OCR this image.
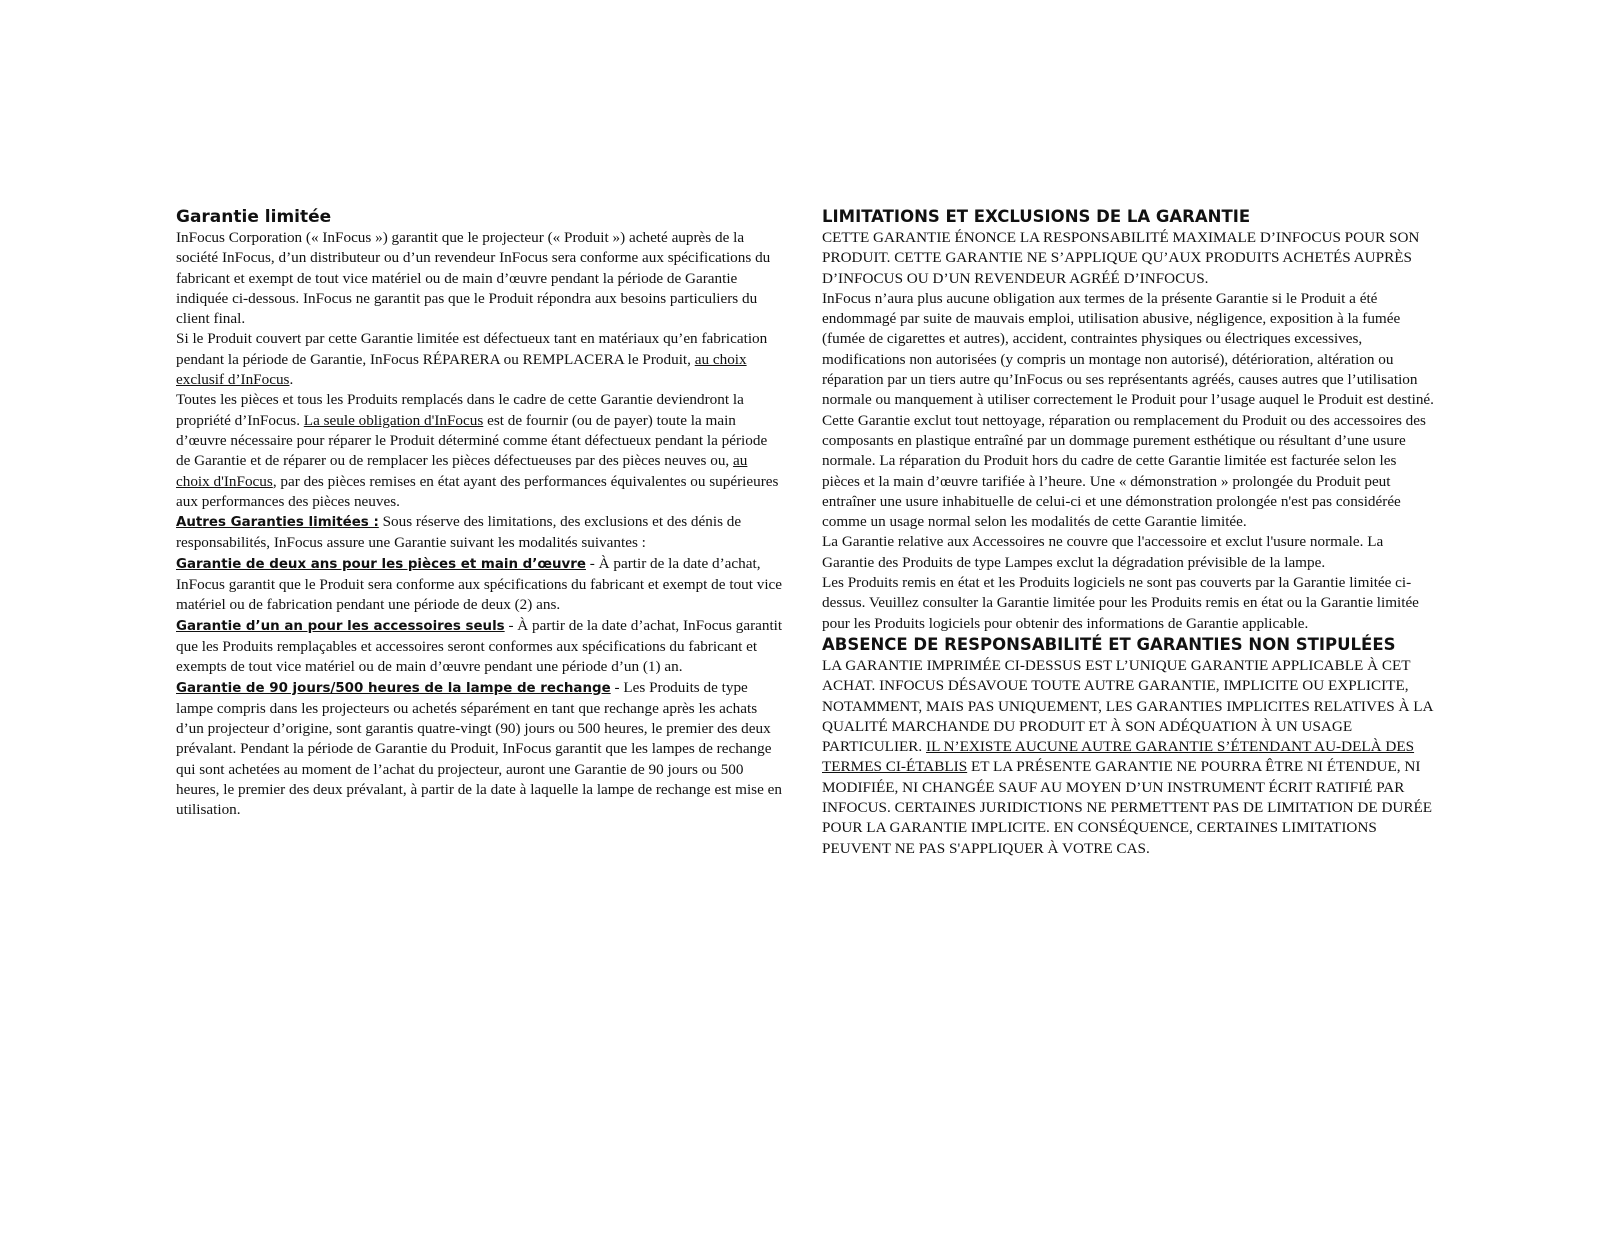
Garantie limitée

InFocus Corporation (« InFocus ») garantit que le projecteur (« Produit ») acheté auprès de la société InFocus, d’un distributeur ou d’un revendeur InFocus sera conforme aux spécifications du fabricant et exempt de tout vice matériel ou de main d’œuvre pendant la période de Garantie indiquée ci-dessous. InFocus ne garantit pas que le Produit répondra aux besoins particuliers du client final.

Si le Produit couvert par cette Garantie limitée est défectueux tant en matériaux qu’en fabrication pendant la période de Garantie, InFocus RÉPARERA ou REMPLACERA le Produit, au choix exclusif d’InFocus.

Toutes les pièces et tous les Produits remplacés dans le cadre de cette Garantie deviendront la propriété d’InFocus. La seule obligation d'InFocus est de fournir (ou de payer) toute la main d’œuvre nécessaire pour réparer le Produit déterminé comme étant défectueux pendant la période de Garantie et de réparer ou de remplacer les pièces défectueuses par des pièces neuves ou, au choix d'InFocus, par des pièces remises en état ayant des performances équivalentes ou supérieures aux performances des pièces neuves.

Autres Garanties limitées : Sous réserve des limitations, des exclusions et des dénis de responsabilités, InFocus assure une Garantie suivant les modalités suivantes :

Garantie de deux ans pour les pièces et main d’œuvre - À partir de la date d’achat, InFocus garantit que le Produit sera conforme aux spécifications du fabricant et exempt de tout vice matériel ou de fabrication pendant une période de deux (2) ans.

Garantie d’un an pour les accessoires seuls - À partir de la date d’achat, InFocus garantit que les Produits remplaçables et accessoires seront conformes aux spécifications du fabricant et exempts de tout vice matériel ou de main d’œuvre pendant une période d’un (1) an.

Garantie de 90 jours/500 heures de la lampe de rechange - Les Produits de type lampe compris dans les projecteurs ou achetés séparément en tant que rechange après les achats d’un projecteur d’origine, sont garantis quatre-vingt (90) jours ou 500 heures, le premier des deux prévalant. Pendant la période de Garantie du Produit, InFocus garantit que les lampes de rechange qui sont achetées au moment de l’achat du projecteur, auront une Garantie de 90 jours ou 500 heures, le premier des deux prévalant, à partir de la date à laquelle la lampe de rechange est mise en utilisation.

LIMITATIONS ET EXCLUSIONS DE LA GARANTIE

CETTE GARANTIE ÉNONCE LA RESPONSABILITÉ MAXIMALE D’INFOCUS POUR SON PRODUIT. CETTE GARANTIE NE S’APPLIQUE QU’AUX PRODUITS ACHETÉS AUPRÈS D’INFOCUS OU D’UN REVENDEUR AGRÉÉ D’INFOCUS.

InFocus n’aura plus aucune obligation aux termes de la présente Garantie si le Produit a été endommagé par suite de mauvais emploi, utilisation abusive, négligence, exposition à la fumée (fumée de cigarettes et autres), accident, contraintes physiques ou électriques excessives, modifications non autorisées (y compris un montage non autorisé), détérioration, altération ou réparation par un tiers autre qu’InFocus ou ses représentants agréés, causes autres que l’utilisation normale ou manquement à utiliser correctement le Produit pour l’usage auquel le Produit est destiné.

Cette Garantie exclut tout nettoyage, réparation ou remplacement du Produit ou des accessoires des composants en plastique entraîné par un dommage purement esthétique ou résultant d’une usure normale. La réparation du Produit hors du cadre de cette Garantie limitée est facturée selon les pièces et la main d’œuvre tarifiée à l’heure. Une « démonstration » prolongée du Produit peut entraîner une usure inhabituelle de celui-ci et une démonstration prolongée n'est pas considérée comme un usage normal selon les modalités de cette Garantie limitée.

La Garantie relative aux Accessoires ne couvre que l'accessoire et exclut l'usure normale. La Garantie des Produits de type Lampes exclut la dégradation prévisible de la lampe.

Les Produits remis en état et les Produits logiciels ne sont pas couverts par la Garantie limitée ci-dessus. Veuillez consulter la Garantie limitée pour les Produits remis en état ou la Garantie limitée pour les Produits logiciels pour obtenir des informations de Garantie applicable.

ABSENCE DE RESPONSABILITÉ ET GARANTIES NON STIPULÉES

LA GARANTIE IMPRIMÉE CI-DESSUS EST L’UNIQUE GARANTIE APPLICABLE À CET ACHAT. INFOCUS DÉSAVOUE TOUTE AUTRE GARANTIE, IMPLICITE OU EXPLICITE, NOTAMMENT, MAIS PAS UNIQUEMENT, LES GARANTIES IMPLICITES RELATIVES À LA QUALITÉ MARCHANDE DU PRODUIT ET À SON ADÉQUATION À UN USAGE PARTICULIER. IL N’EXISTE AUCUNE AUTRE GARANTIE S’ÉTENDANT AU-DELÀ DES TERMES CI-ÉTABLIS ET LA PRÉSENTE GARANTIE NE POURRA ÊTRE NI ÉTENDUE, NI MODIFIÉE, NI CHANGÉE SAUF AU MOYEN D’UN INSTRUMENT ÉCRIT RATIFIÉ PAR INFOCUS. CERTAINES JURIDICTIONS NE PERMETTENT PAS DE LIMITATION DE DURÉE POUR LA GARANTIE IMPLICITE. EN CONSÉQUENCE, CERTAINES LIMITATIONS PEUVENT NE PAS S'APPLIQUER À VOTRE CAS.
